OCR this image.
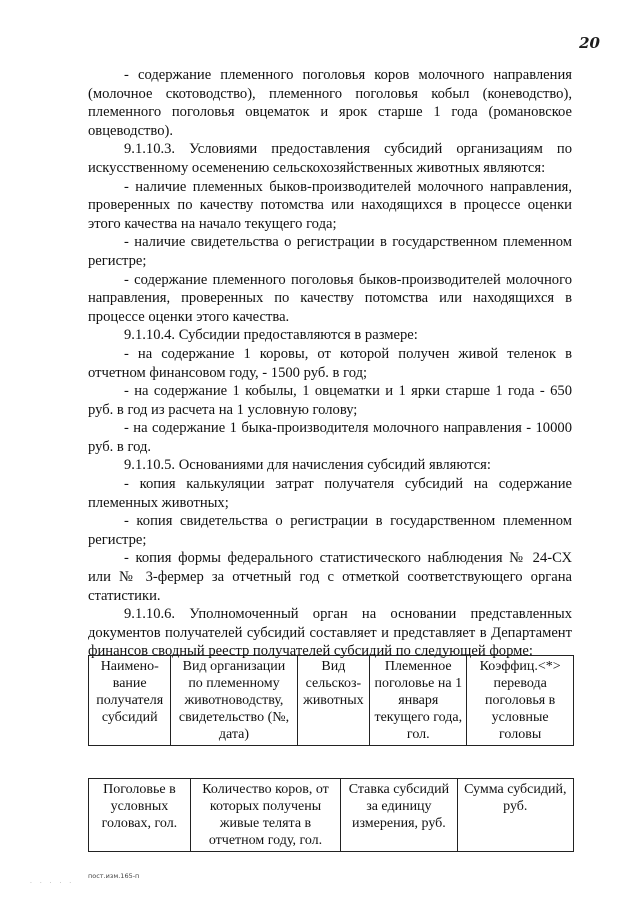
20

- содержание племенного поголовья коров молочного направления (молочное скотоводство), племенного поголовья кобыл (коневодство), племенного поголовья овцематок и ярок старше 1 года (романовское овцеводство).

9.1.10.3. Условиями предоставления субсидий организациям по искусственному осеменению сельскохозяйственных животных являются:

- наличие племенных быков-производителей молочного направления, проверенных по качеству потомства или находящихся в процессе оценки этого качества на начало текущего года;

- наличие свидетельства о регистрации в государственном племенном регистре;

- содержание племенного поголовья быков-производителей молочного направления, проверенных по качеству потомства или находящихся в процессе оценки этого качества.

9.1.10.4. Субсидии предоставляются в размере:

- на содержание 1 коровы, от которой получен живой теленок в отчетном финансовом году, - 1500 руб. в год;

- на содержание 1 кобылы, 1 овцематки и 1 ярки старше 1 года - 650 руб. в год из расчета на 1 условную голову;

- на содержание 1 быка-производителя молочного направления - 10000 руб. в год.

9.1.10.5. Основаниями для начисления субсидий являются:

- копия калькуляции затрат получателя субсидий на содержание племенных животных;

- копия свидетельства о регистрации в государственном племенном регистре;

- копия формы федерального статистического наблюдения № 24-СХ или № 3-фермер за отчетный год с отметкой соответствующего органа статистики.

9.1.10.6. Уполномоченный орган на основании представленных документов получателей субсидий составляет и представляет в Департамент финансов сводный реестр получателей субсидий по следующей форме:

Наимено-вание получателя субсидий	Вид организации по племенному животноводству, свидетельство (№, дата)	Вид сельскоз-животных	Племенное поголовье на 1 января текущего года, гол.	Коэффиц.<*> перевода поголовья в условные головы
Поголовье в условных головах, гол.	Количество коров, от которых получены живые телята в отчетном году, гол.	Ставка субсидий за единицу измерения, руб.	Сумма субсидий, руб.
пост.изм.165-п
· · · · ·
